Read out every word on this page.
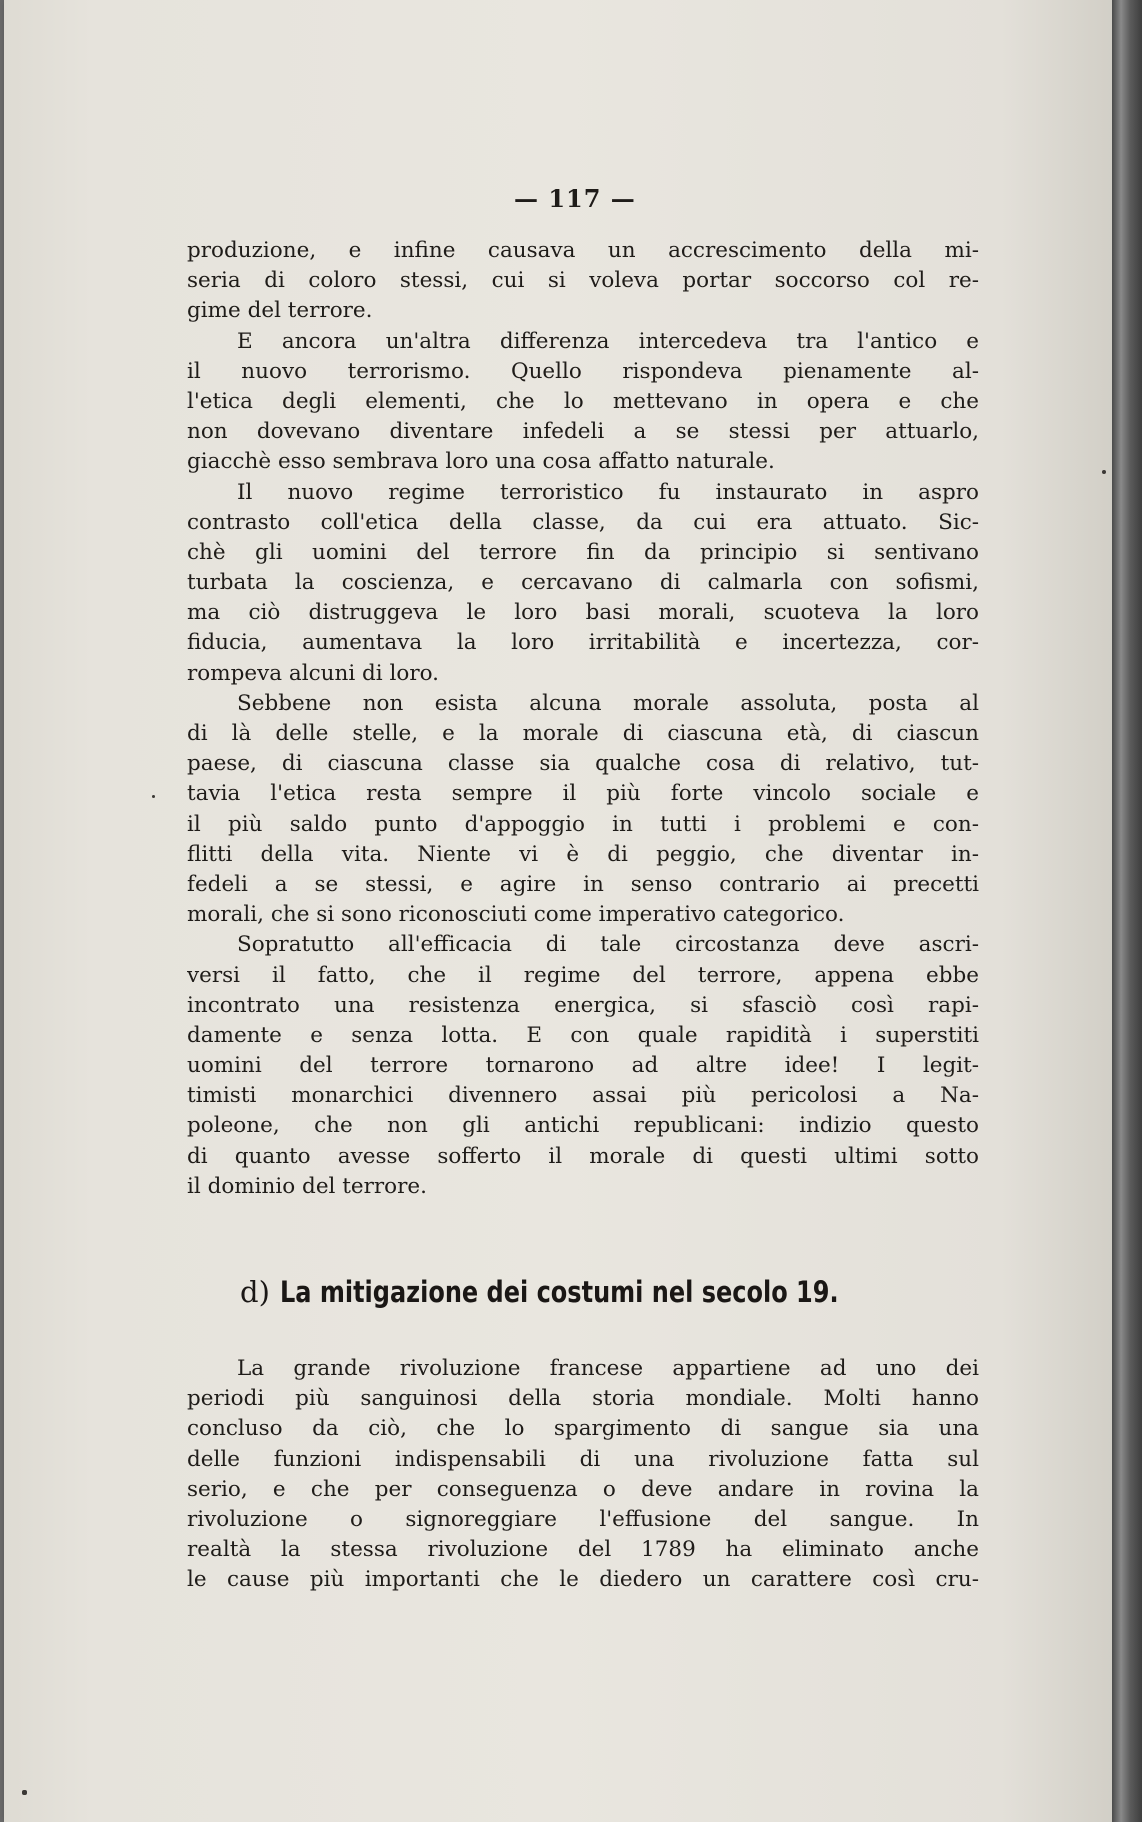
— 117 —
produzione, e infine causava un accrescimento della mi-
seria di coloro stessi, cui si voleva portar soccorso col re-
gime del terrore.
E ancora un'altra differenza intercedeva tra l'antico e
il nuovo terrorismo. Quello rispondeva pienamente al-
l'etica degli elementi, che lo mettevano in opera e che
non dovevano diventare infedeli a se stessi per attuarlo,
giacchè esso sembrava loro una cosa affatto naturale.
Il nuovo regime terroristico fu instaurato in aspro
contrasto coll'etica della classe, da cui era attuato. Sic-
chè gli uomini del terrore fin da principio si sentivano
turbata la coscienza, e cercavano di calmarla con sofismi,
ma ciò distruggeva le loro basi morali, scuoteva la loro
fiducia, aumentava la loro irritabilità e incertezza, cor-
rompeva alcuni di loro.
Sebbene non esista alcuna morale assoluta, posta al
di là delle stelle, e la morale di ciascuna età, di ciascun
paese, di ciascuna classe sia qualche cosa di relativo, tut-
tavia l'etica resta sempre il più forte vincolo sociale e
il più saldo punto d'appoggio in tutti i problemi e con-
flitti della vita. Niente vi è di peggio, che diventar in-
fedeli a se stessi, e agire in senso contrario ai precetti
morali, che si sono riconosciuti come imperativo categorico.
Sopratutto all'efficacia di tale circostanza deve ascri-
versi il fatto, che il regime del terrore, appena ebbe
incontrato una resistenza energica, si sfasciò così rapi-
damente e senza lotta. E con quale rapidità i superstiti
uomini del terrore tornarono ad altre idee! I legit-
timisti monarchici divennero assai più pericolosi a Na-
poleone, che non gli antichi republicani: indizio questo
di quanto avesse sofferto il morale di questi ultimi sotto
il dominio del terrore.
d) La mitigazione dei costumi nel secolo 19.
La grande rivoluzione francese appartiene ad uno dei
periodi più sanguinosi della storia mondiale. Molti hanno
concluso da ciò, che lo spargimento di sangue sia una
delle funzioni indispensabili di una rivoluzione fatta sul
serio, e che per conseguenza o deve andare in rovina la
rivoluzione o signoreggiare l'effusione del sangue. In
realtà la stessa rivoluzione del 1789 ha eliminato anche
le cause più importanti che le diedero un carattere così cru-
